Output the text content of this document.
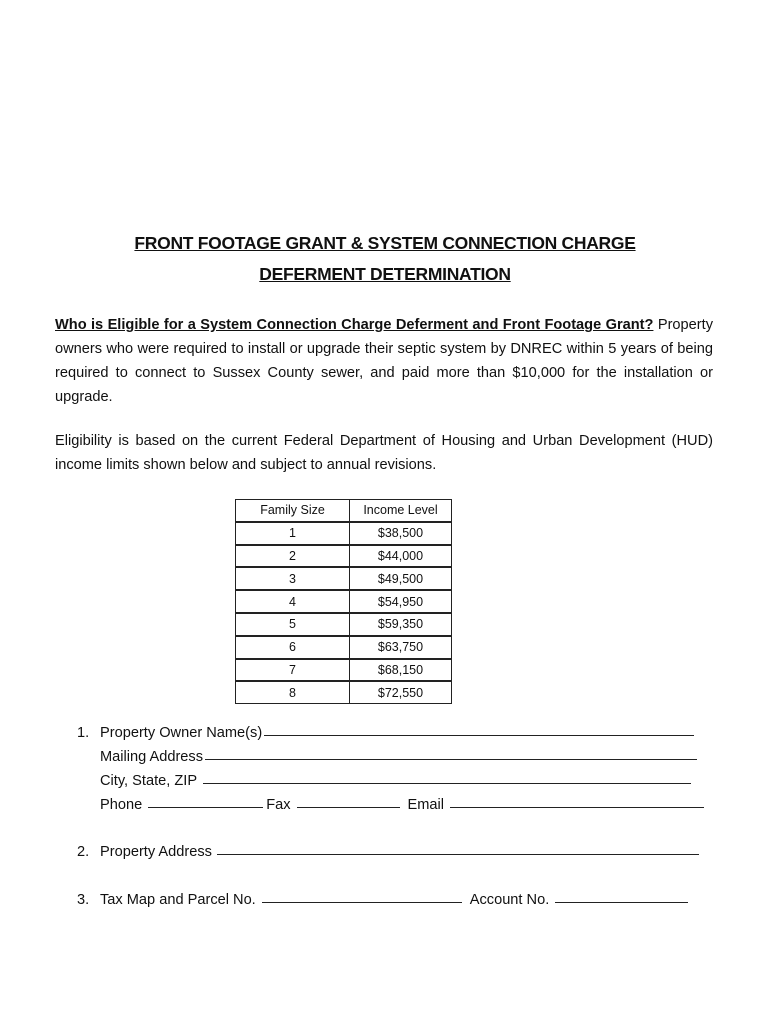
FRONT FOOTAGE GRANT & SYSTEM CONNECTION CHARGE
DEFERMENT DETERMINATION
Who is Eligible for a System Connection Charge Deferment and Front Footage Grant? Property owners who were required to install or upgrade their septic system by DNREC within 5 years of being required to connect to Sussex County sewer, and paid more than $10,000 for the installation or upgrade.
Eligibility is based on the current Federal Department of Housing and Urban Development (HUD) income limits shown below and subject to annual revisions.
Family Size	Income Level
1	$38,500
2	$44,000
3	$49,500
4	$54,950
5	$59,350
6	$63,750
7	$68,150
8	$72,550
1. Property Owner Name(s)
Mailing Address
City, State, ZIP
Phone	Fax	Email
2. Property Address
3. Tax Map and Parcel No.	Account No.
